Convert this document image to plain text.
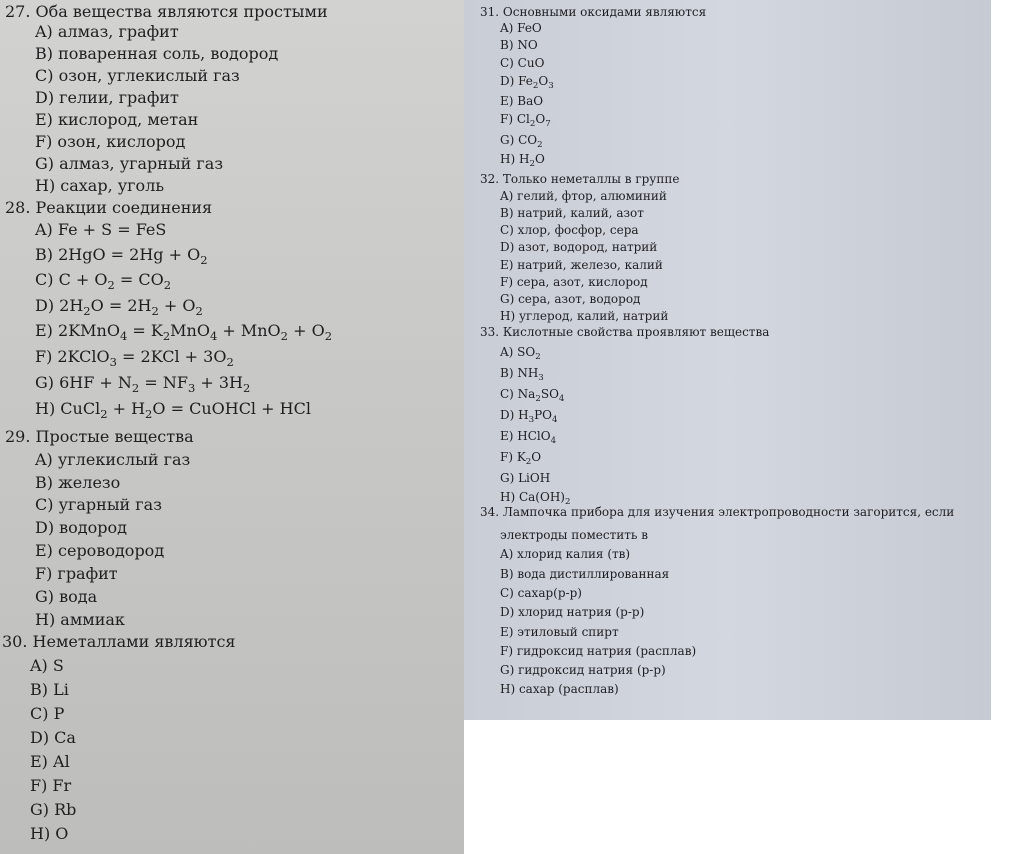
27. Оба вещества являются простыми
A) алмаз, графит
B) поваренная соль, водород
C) озон, углекислый газ
D) гелии, графит
E) кислород, метан
F) озон, кислород
G) алмаз, угарный газ
H) сахар, уголь
28. Реакции соединения
A) Fe + S = FeS
B) $2HgO = 2Hg + O_2$
C) $C + O_2 = CO_2$
D) $2H_2O = 2H_2 + O_2$
E) 2KMnO$_4$ = $K_2MnO_4 + MnO_2 + O_2$
F) 2KClO$_3$ = $2KCl + 3O_2$
G) $6HF + N_2 = NF_3 + 3H_2$
H) CuCl$_2$ + $H_2O$ = CuOHCl + HCl
29. Простые вещества
A) углекислый газ
B) железо
C) угарный газ
D) водород
E) сероводород
F) графит
G) вода
H) аммиак
30. Неметаллами являются
A) S
B) Li
C) P
D) Ca
E) Al
F) Fr
G) Rb
H) O
31. Основными оксидами являются
A) FeO
B) NO
C) CuO
D) $Fe_2O_3$
E) BaO
F) $Cl_2O_7$
G) $CO_2$
H) $H_2O$
32. Только неметаллы в группе
A) гелий, фтор, алюминий
B) натрий, калий, азот
C) хлор, фосфор, сера
D) азот, водород, натрий
E) натрий, железо, калий
F) сера, азот, кислород
G) сера, азот, водород
H) углерод, калий, натрий
33. Кислотные свойства проявляют вещества
A) $SO_2$
B) $NH_3$
C) $Na_2SO_4$
D) $H_3PO_4$
E) HClO$_4$
F) $K_2O$
G) LiOH
H) $Ca(OH)_2$
34. Лампочка прибора для изучения электропроводности загорится, если
электроды поместить в
A) хлорид калия (тв)
B) вода дистиллированная
C) сахар(р-р)
D) хлорид натрия (р-р)
E) этиловый спирт
F) гидроксид натрия (расплав)
G) гидроксид натрия (р-р)
H) сахар (расплав)
